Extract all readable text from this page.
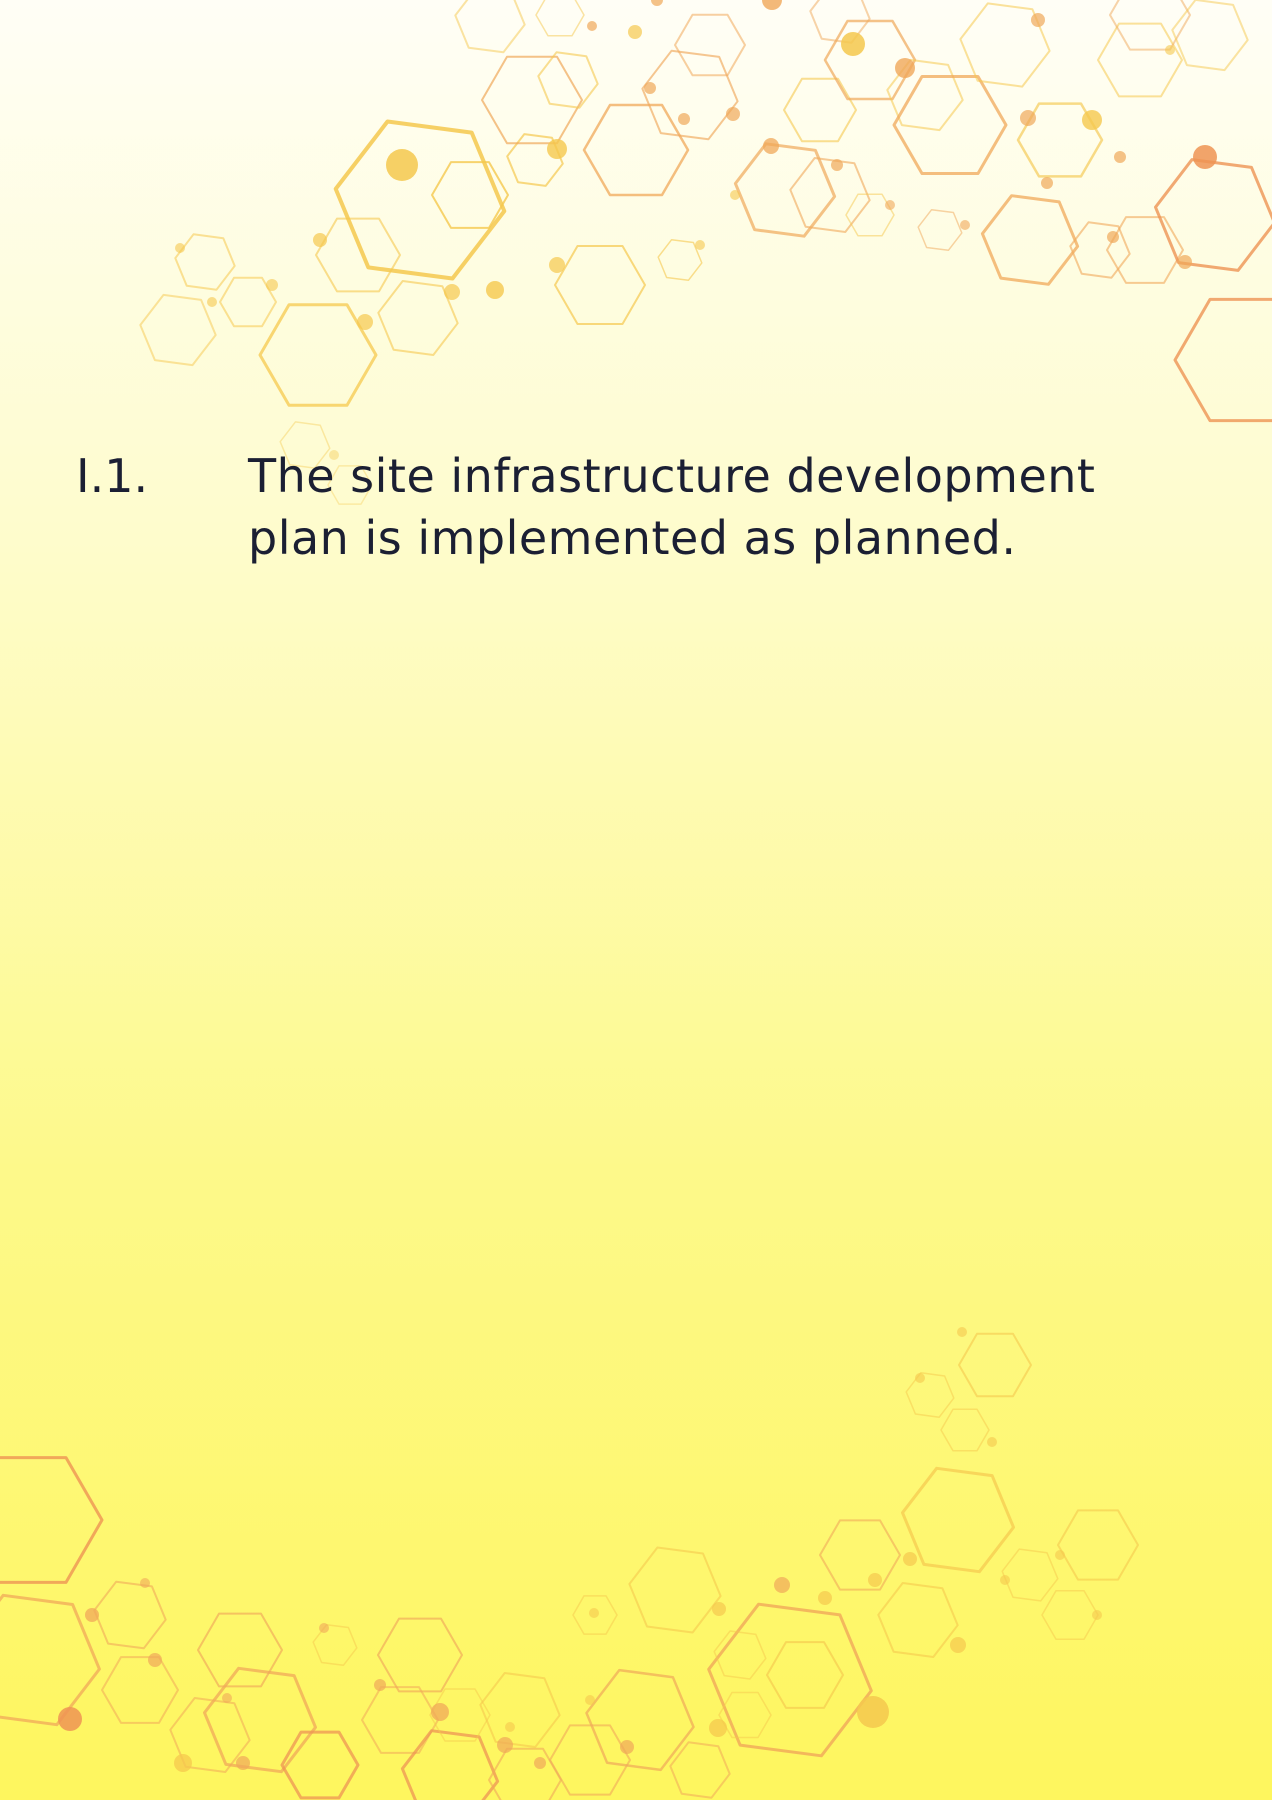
I.1. The site infrastructure development plan is implemented as planned.
